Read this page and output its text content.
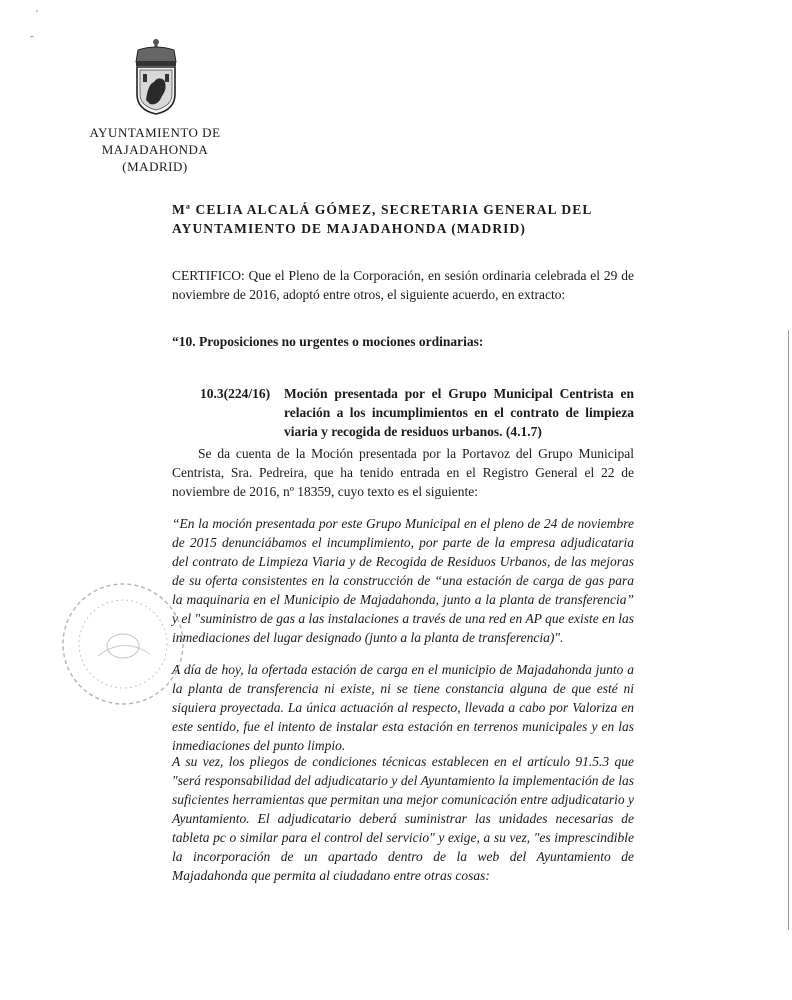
'
-
AYUNTAMIENTO DE
MAJADAHONDA
(MADRID)
Mª CELIA ALCALÁ GÓMEZ, SECRETARIA GENERAL DEL
AYUNTAMIENTO DE MAJADAHONDA (MADRID)
CERTIFICO: Que el Pleno de la Corporación, en sesión ordinaria celebrada el 29 de noviembre de 2016, adoptó entre otros, el siguiente acuerdo, en extracto:
“10. Proposiciones no urgentes o mociones ordinarias:
10.3(224/16) Moción presentada por el Grupo Municipal Centrista en relación a los incumplimientos en el contrato de limpieza viaria y recogida de residuos urbanos. (4.1.7)
Se da cuenta de la Moción presentada por la Portavoz del Grupo Municipal Centrista, Sra. Pedreira, que ha tenido entrada en el Registro General el 22 de noviembre de 2016, nº 18359, cuyo texto es el siguiente:
“En la moción presentada por este Grupo Municipal en el pleno de 24 de noviembre de 2015 denunciábamos el incumplimiento, por parte de la empresa adjudicataria del contrato de Limpieza Viaria y de Recogida de Residuos Urbanos, de las mejoras de su oferta consistentes en la construcción de “una estación de carga de gas para la maquinaria en el Municipio de Majadahonda, junto a la planta de transferencia” y el "suministro de gas a las instalaciones a través de una red en AP que existe en las inmediaciones del lugar designado (junto a la planta de transferencia)".
A día de hoy, la ofertada estación de carga en el municipio de Majadahonda junto a la planta de transferencia ni existe, ni se tiene constancia alguna de que esté ni siquiera proyectada. La única actuación al respecto, llevada a cabo por Valoriza en este sentido, fue el intento de instalar esta estación en terrenos municipales y en las inmediaciones del punto limpio.
A su vez, los pliegos de condiciones técnicas establecen en el artículo 91.5.3 que "será responsabilidad del adjudicatario y del Ayuntamiento la implementación de las suficientes herramientas que permitan una mejor comunicación entre adjudicatario y Ayuntamiento. El adjudicatario deberá suministrar las unidades necesarias de tableta pc o similar para el control del servicio" y exige, a su vez, "es imprescindible la incorporación de un apartado dentro de la web del Ayuntamiento de Majadahonda que permita al ciudadano entre otras cosas:
